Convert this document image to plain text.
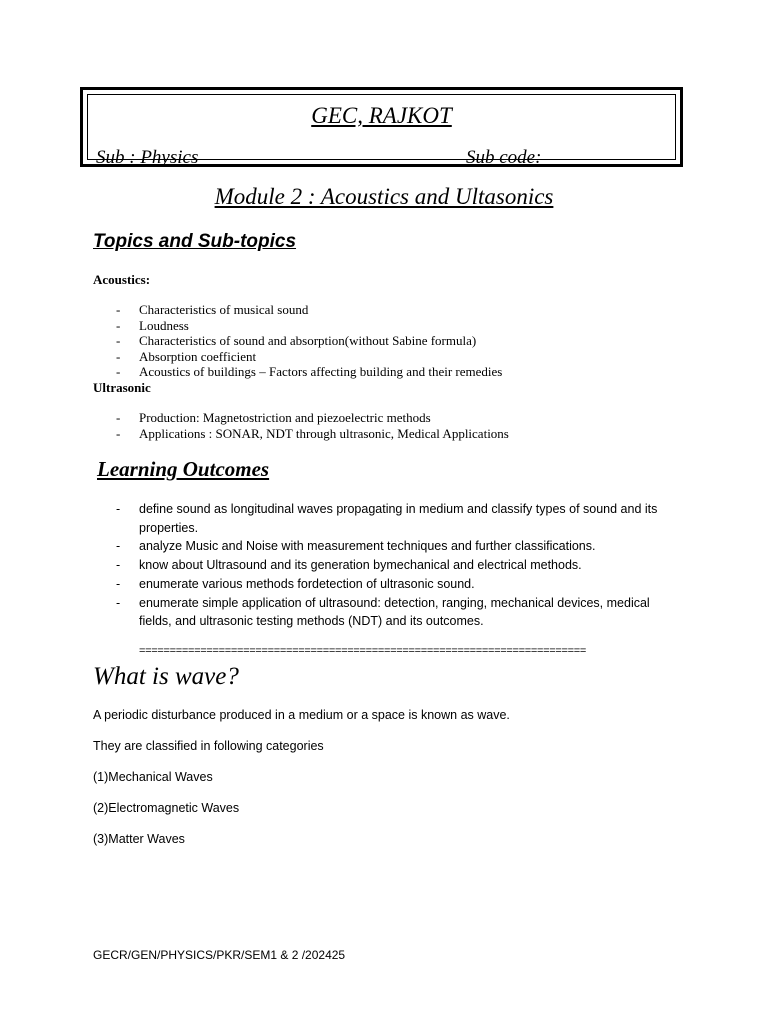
GEC, RAJKOT
Sub : Physics	Sub code:
Module 2 : Acoustics and Ultasonics
Topics and Sub-topics
Acoustics:
- Characteristics of musical sound
- Loudness
- Characteristics of sound and absorption(without Sabine formula)
- Absorption coefficient
- Acoustics of buildings – Factors affecting building and their remedies
Ultrasonic
- Production: Magnetostriction and piezoelectric methods
- Applications : SONAR, NDT through ultrasonic, Medical Applications
Learning Outcomes
- define sound as longitudinal waves propagating in medium and classify types of sound and its properties.
- analyze Music and Noise with measurement techniques and further classifications.
- know about Ultrasound and its generation bymechanical and electrical methods.
- enumerate various methods fordetection of ultrasonic sound.
- enumerate simple application of ultrasound: detection, ranging, mechanical devices, medical fields, and ultrasonic testing methods (NDT) and its outcomes.
=========================================================================
What is wave?
A periodic disturbance produced in a medium or a space is known as wave.
They are classified in following categories
(1)Mechanical Waves
(2)Electromagnetic Waves
(3)Matter Waves
GECR/GEN/PHYSICS/PKR/SEM1 & 2 /202425
